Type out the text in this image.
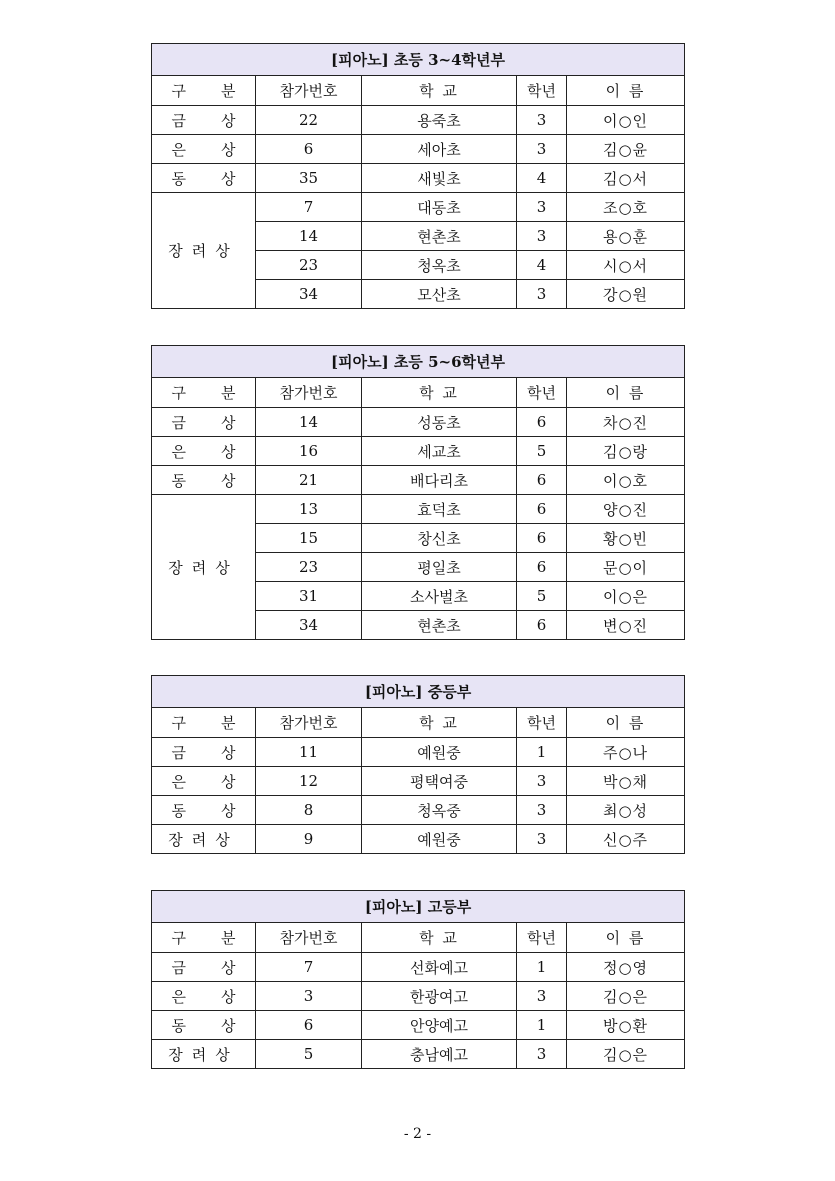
[피아노] 초등 3~4학년부				
구 분	참가번호	학 교	학년	이 름
금 상	22	용죽초	3	이○인
은 상	6	세아초	3	김○윤
동 상	35	새빛초	4	김○서
장려상	7	대동초	3	조○호
	14	현촌초	3	용○훈
	23	청옥초	4	시○서
	34	모산초	3	강○원
[피아노] 초등 5~6학년부				
구 분	참가번호	학 교	학년	이 름
금 상	14	성동초	6	차○진
은 상	16	세교초	5	김○랑
동 상	21	배다리초	6	이○호
장려상	13	효덕초	6	양○진
	15	창신초	6	황○빈
	23	평일초	6	문○이
	31	소사벌초	5	이○은
	34	현촌초	6	변○진
[피아노] 중등부				
구 분	참가번호	학 교	학년	이 름
금 상	11	예원중	1	주○나
은 상	12	평택여중	3	박○채
동 상	8	청옥중	3	최○성
장려상	9	예원중	3	신○주
[피아노] 고등부				
구 분	참가번호	학 교	학년	이 름
금 상	7	선화예고	1	정○영
은 상	3	한광여고	3	김○은
동 상	6	안양예고	1	방○환
장려상	5	충남예고	3	김○은
- 2 -
